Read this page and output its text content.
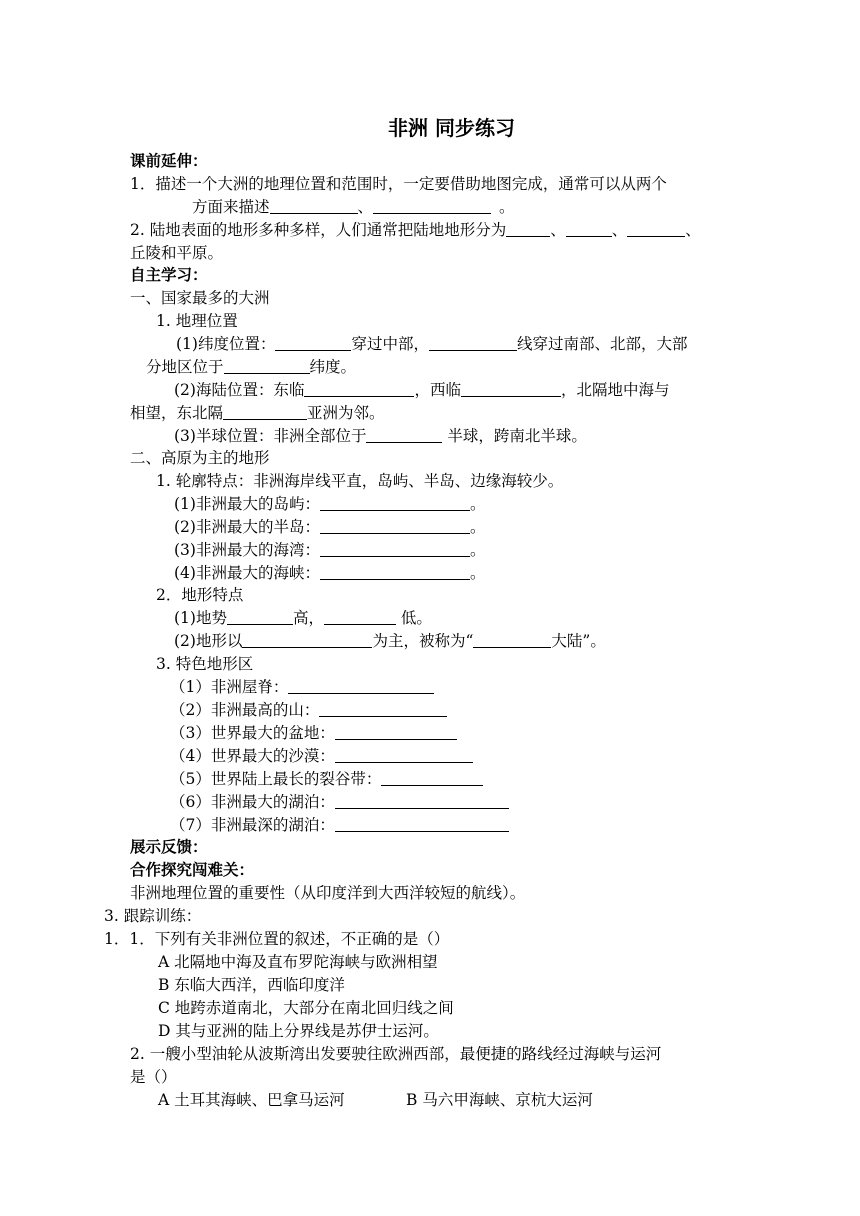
非洲 同步练习
课前延伸：
1．描述一个大洲的地理位置和范围时，一定要借助地图完成，通常可以从两个
方面来描述	、	。
2. 陆地表面的地形多种多样，人们通常把陆地地形分为	、	、	、
丘陵和平原。
自主学习：
一、国家最多的大洲
1. 地理位置
(1)纬度位置：	穿过中部，	线穿过南部、北部，大部
分地区位于	纬度。
(2)海陆位置：东临	，西临	，北隔地中海与
相望，东北隔	亚洲为邻。
(3)半球位置：非洲全部位于	半球，跨南北半球。
二、高原为主的地形
1. 轮廓特点：非洲海岸线平直，岛屿、半岛、边缘海较少。
(1)非洲最大的岛屿：	。
(2)非洲最大的半岛：	。
(3)非洲最大的海湾：	。
(4)非洲最大的海峡：	。
2．地形特点
(1)地势	高，	低。
(2)地形以	为主，被称为“	大陆”。
3. 特色地形区
（1）非洲屋脊：
（2）非洲最高的山：
（3）世界最大的盆地：
（4）世界最大的沙漠：
（5）世界陆上最长的裂谷带：
（6）非洲最大的湖泊：
（7）非洲最深的湖泊：
展示反馈：
合作探究闯难关：
非洲地理位置的重要性（从印度洋到大西洋较短的航线）。
3. 跟踪训练：
1．1．下列有关非洲位置的叙述，不正确的是（）
A 北隔地中海及直布罗陀海峡与欧洲相望
B 东临大西洋，西临印度洋
C 地跨赤道南北，大部分在南北回归线之间
D 其与亚洲的陆上分界线是苏伊士运河。
2. 一艘小型油轮从波斯湾出发要驶往欧洲西部，最便捷的路线经过海峡与运河
是（）
A 土耳其海峡、巴拿马运河	B 马六甲海峡、京杭大运河
